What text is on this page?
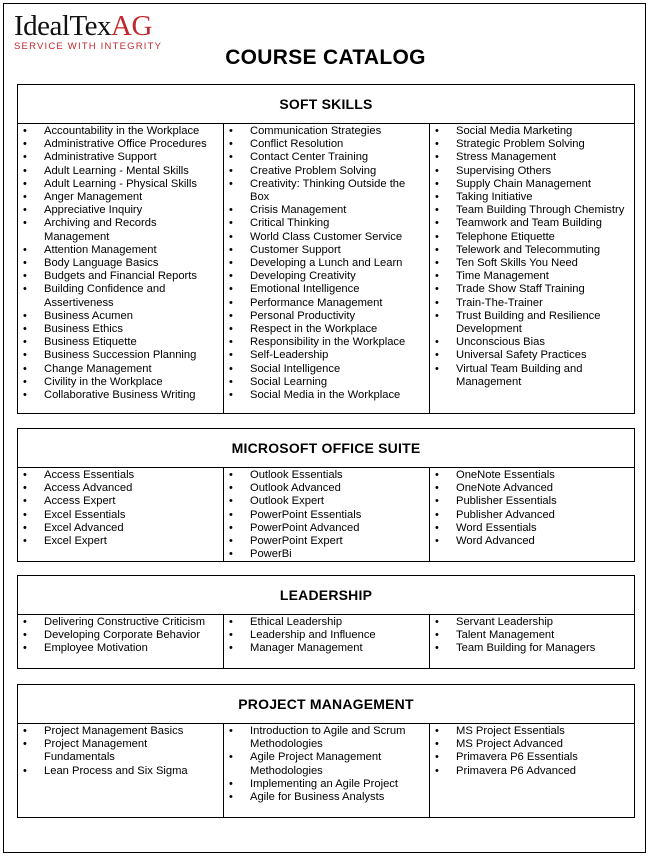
IdealTexAG
SERVICE WITH INTEGRITY	COURSE CATALOG
SOFT SKILLS
• Accountability in the Workplace
• Administrative Office Procedures
• Administrative Support
• Adult Learning - Mental Skills
• Adult Learning - Physical Skills
• Anger Management
• Appreciative Inquiry
• Archiving and Records Management
• Attention Management
• Body Language Basics
• Budgets and Financial Reports
• Building Confidence and Assertiveness
• Business Acumen
• Business Ethics
• Business Etiquette
• Business Succession Planning
• Change Management
• Civility in the Workplace
• Collaborative Business Writing
• Communication Strategies
• Conflict Resolution
• Contact Center Training
• Creative Problem Solving
• Creativity: Thinking Outside the Box
• Crisis Management
• Critical Thinking
• World Class Customer Service
• Customer Support
• Developing a Lunch and Learn
• Developing Creativity
• Emotional Intelligence
• Performance Management
• Personal Productivity
• Respect in the Workplace
• Responsibility in the Workplace
• Self-Leadership
• Social Intelligence
• Social Learning
• Social Media in the Workplace
• Social Media Marketing
• Strategic Problem Solving
• Stress Management
• Supervising Others
• Supply Chain Management
• Taking Initiative
• Team Building Through Chemistry
• Teamwork and Team Building
• Telephone Etiquette
• Telework and Telecommuting
• Ten Soft Skills You Need
• Time Management
• Trade Show Staff Training
• Train-The-Trainer
• Trust Building and Resilience Development
• Unconscious Bias
• Universal Safety Practices
• Virtual Team Building and Management
MICROSOFT OFFICE SUITE
• Access Essentials
• Access Advanced
• Access Expert
• Excel Essentials
• Excel Advanced
• Excel Expert
• Outlook Essentials
• Outlook Advanced
• Outlook Expert
• PowerPoint Essentials
• PowerPoint Advanced
• PowerPoint Expert
• PowerBi
• OneNote Essentials
• OneNote Advanced
• Publisher Essentials
• Publisher Advanced
• Word Essentials
• Word Advanced
LEADERSHIP
• Delivering Constructive Criticism
• Developing Corporate Behavior
• Employee Motivation
• Ethical Leadership
• Leadership and Influence
• Manager Management
• Servant Leadership
• Talent Management
• Team Building for Managers
PROJECT MANAGEMENT
• Project Management Basics
• Project Management Fundamentals
• Lean Process and Six Sigma
• Introduction to Agile and Scrum Methodologies
• Agile Project Management Methodologies
• Implementing an Agile Project
• Agile for Business Analysts
• MS Project Essentials
• MS Project Advanced
• Primavera P6 Essentials
• Primavera P6 Advanced
